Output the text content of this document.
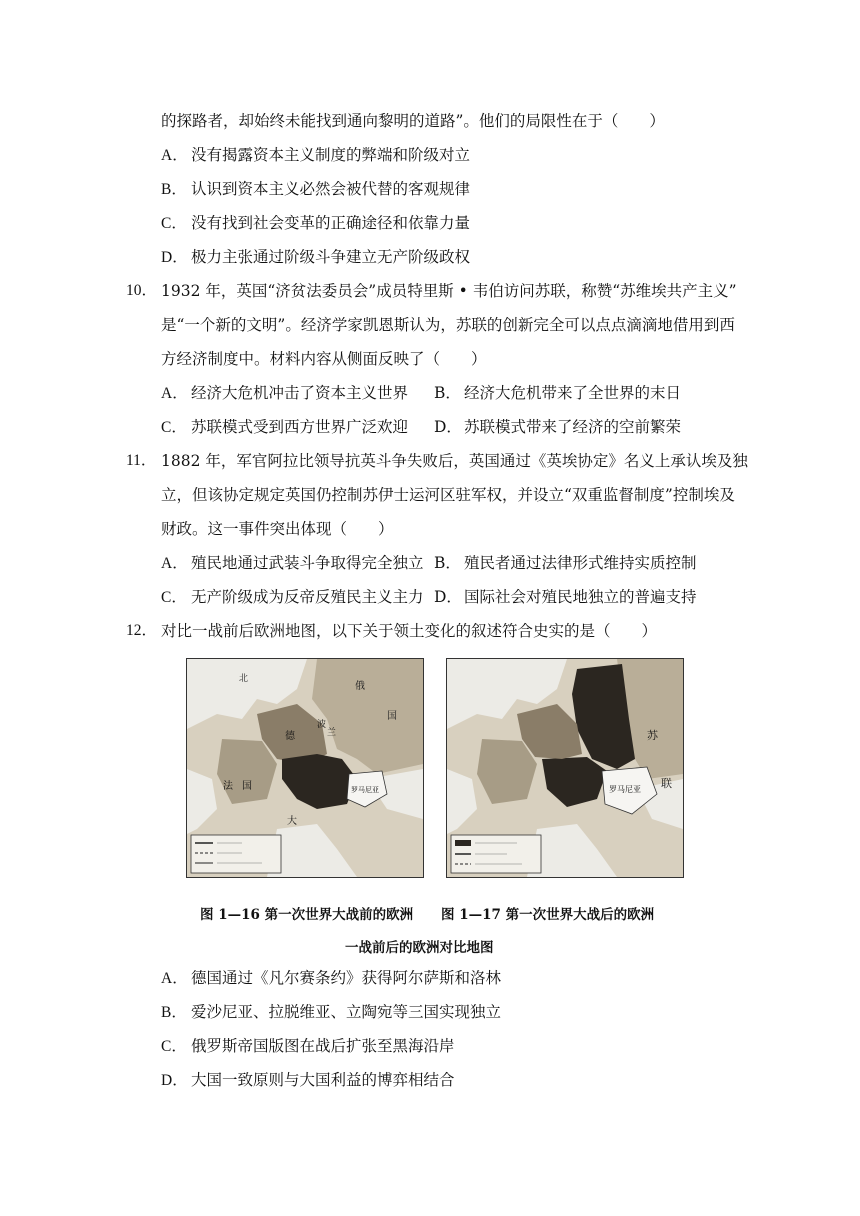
的探路者，却始终未能找到通向黎明的道路”。他们的局限性在于（　　）
A． 没有揭露资本主义制度的弊端和阶级对立
B． 认识到资本主义必然会被代替的客观规律
C． 没有找到社会变革的正确途径和依靠力量
D． 极力主张通过阶级斗争建立无产阶级政权
10． 1932 年，英国“济贫法委员会”成员特里斯 • 韦伯访问苏联，称赞“苏维埃共产主义”
是“一个新的文明”。经济学家凯恩斯认为，苏联的创新完全可以点点滴滴地借用到西
方经济制度中。材料内容从侧面反映了（　　）
A． 经济大危机冲击了资本主义世界 B． 经济大危机带来了全世界的末日
C． 苏联模式受到西方世界广泛欢迎 D． 苏联模式带来了经济的空前繁荣
11． 1882 年，军官阿拉比领导抗英斗争失败后，英国通过《英埃协定》名义上承认埃及独
立，但该协定规定英国仍控制苏伊士运河区驻军权，并设立“双重监督制度”控制埃及
财政。这一事件突出体现（　　）
A． 殖民地通过武装斗争取得完全独立 B． 殖民者通过法律形式维持实质控制
C． 无产阶级成为反帝反殖民主义主力 D． 国际社会对殖民地独立的普遍支持
12． 对比一战前后欧洲地图，以下关于领土变化的叙述符合史实的是（　　）
北
俄
国
德
波
兰
法 国
大
罗马尼亚
苏
联
罗马尼亚
图 1—16 第一次世界大战前的欧洲 图 1—17 第一次世界大战后的欧洲
一战前后的欧洲对比地图
A． 德国通过《凡尔赛条约》获得阿尔萨斯和洛林
B． 爱沙尼亚、拉脱维亚、立陶宛等三国实现独立
C． 俄罗斯帝国版图在战后扩张至黑海沿岸
D． 大国一致原则与大国利益的博弈相结合
